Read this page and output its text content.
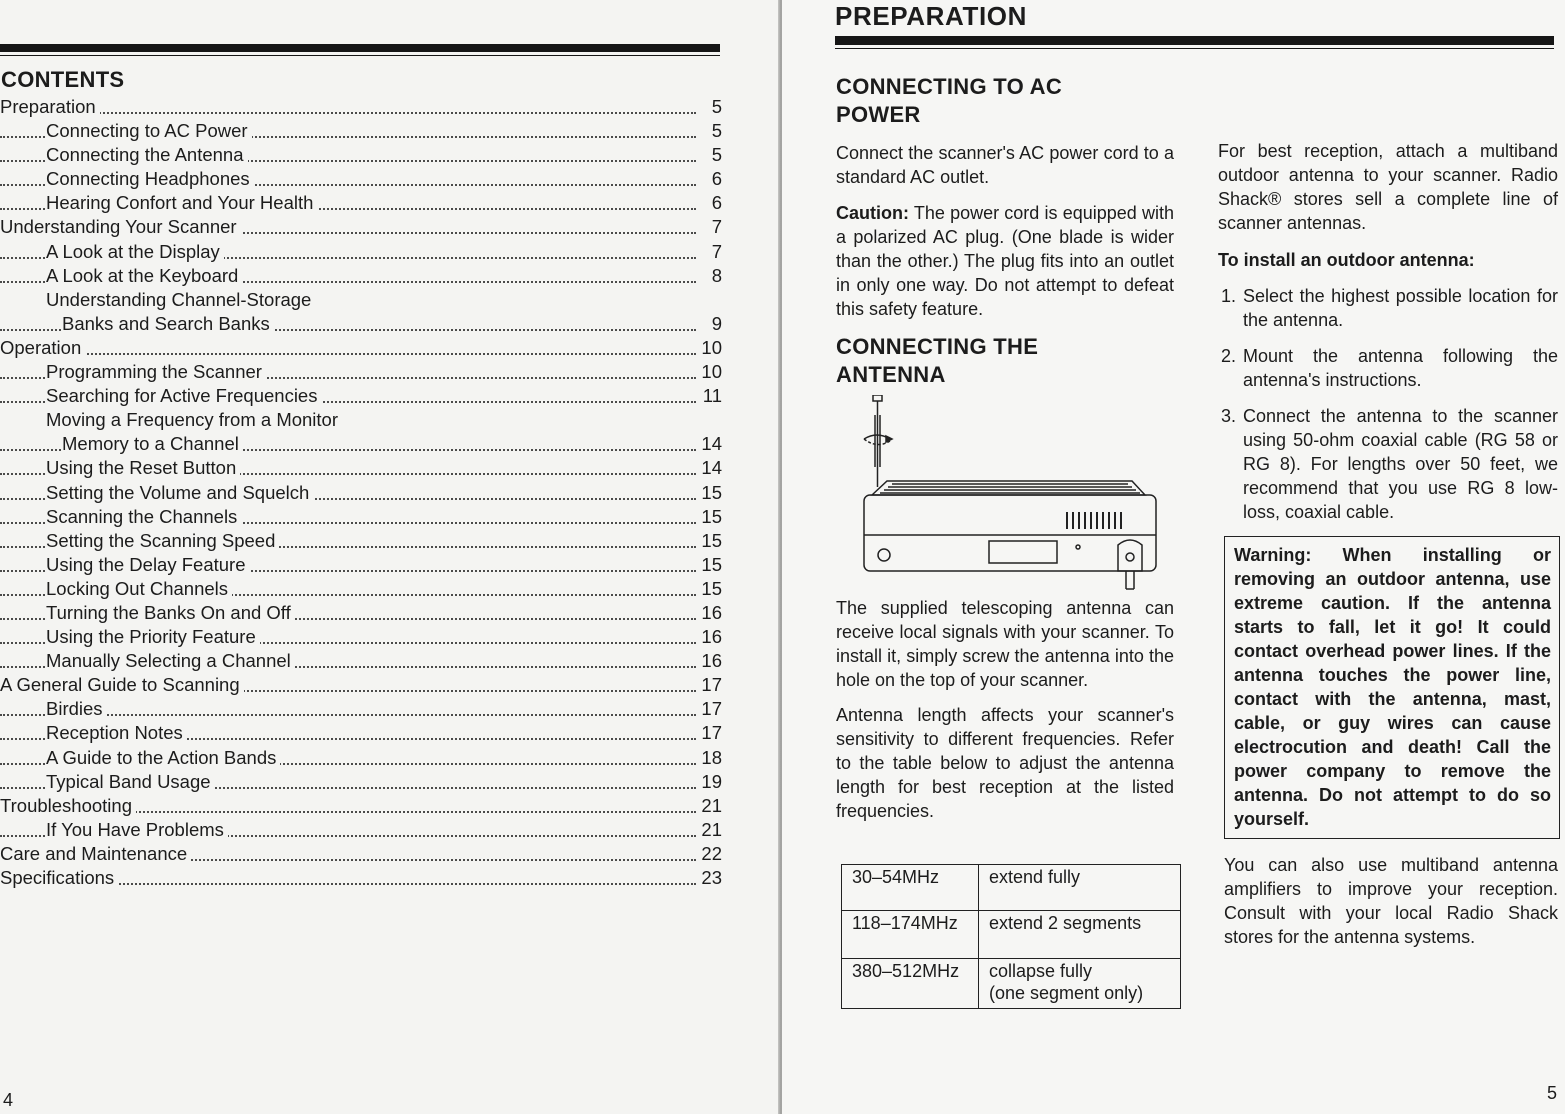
CONTENTS
Preparation	5
Connecting to AC Power	5
Connecting the Antenna	5
Connecting Headphones	6
Hearing Confort and Your Health	6
Understanding Your Scanner	7
A Look at the Display	7
A Look at the Keyboard	8
Understanding Channel-Storage
Banks and Search Banks	9
Operation	10
Programming the Scanner	10
Searching for Active Frequencies	11
Moving a Frequency from a Monitor
Memory to a Channel	14
Using the Reset Button	14
Setting the Volume and Squelch	15
Scanning the Channels	15
Setting the Scanning Speed	15
Using the Delay Feature	15
Locking Out Channels	15
Turning the Banks On and Off	16
Using the Priority Feature	16
Manually Selecting a Channel	16
A General Guide to Scanning	17
Birdies	17
Reception Notes	17
A Guide to the Action Bands	18
Typical Band Usage	19
Troubleshooting	21
If You Have Problems	21
Care and Maintenance	22
Specifications	23
4
PREPARATION
CONNECTING TO AC POWER

Connect the scanner's AC power cord to a standard AC outlet.

Caution: The power cord is equipped with a polarized AC plug. (One blade is wider than the other.) The plug fits into an outlet in only one way. Do not attempt to defeat this safety feature.

CONNECTING THE ANTENNA

The supplied telescoping antenna can receive local signals with your scanner. To install it, simply screw the antenna into the hole on the top of your scanner.

Antenna length affects your scanner's sensitivity to different frequencies. Refer to the table below to adjust the antenna length for best reception at the listed frequencies.

30–54MHz	extend fully

118–174MHz	extend 2 segments

380–512MHz	collapse fully
(one segment only)

For best reception, attach a multiband outdoor antenna to your scanner. Radio Shack® stores sell a complete line of scanner antennas.

To install an outdoor antenna:
1. Select the highest possible location for the antenna.
2. Mount the antenna following the antenna's instructions.
3. Connect the antenna to the scanner using 50-ohm coaxial cable (RG 58 or RG 8). For lengths over 50 feet, we recommend that you use RG 8 low-loss, coaxial cable.
Warning: When installing or removing an outdoor antenna, use extreme caution. If the antenna starts to fall, let it go! It could contact overhead power lines. If the antenna touches the power line, contact with the antenna, mast, cable, or guy wires can cause electrocution and death! Call the power company to remove the antenna. Do not attempt to do so yourself.

You can also use multiband antenna amplifiers to improve your reception. Consult with your local Radio Shack stores for the antenna systems.

5
